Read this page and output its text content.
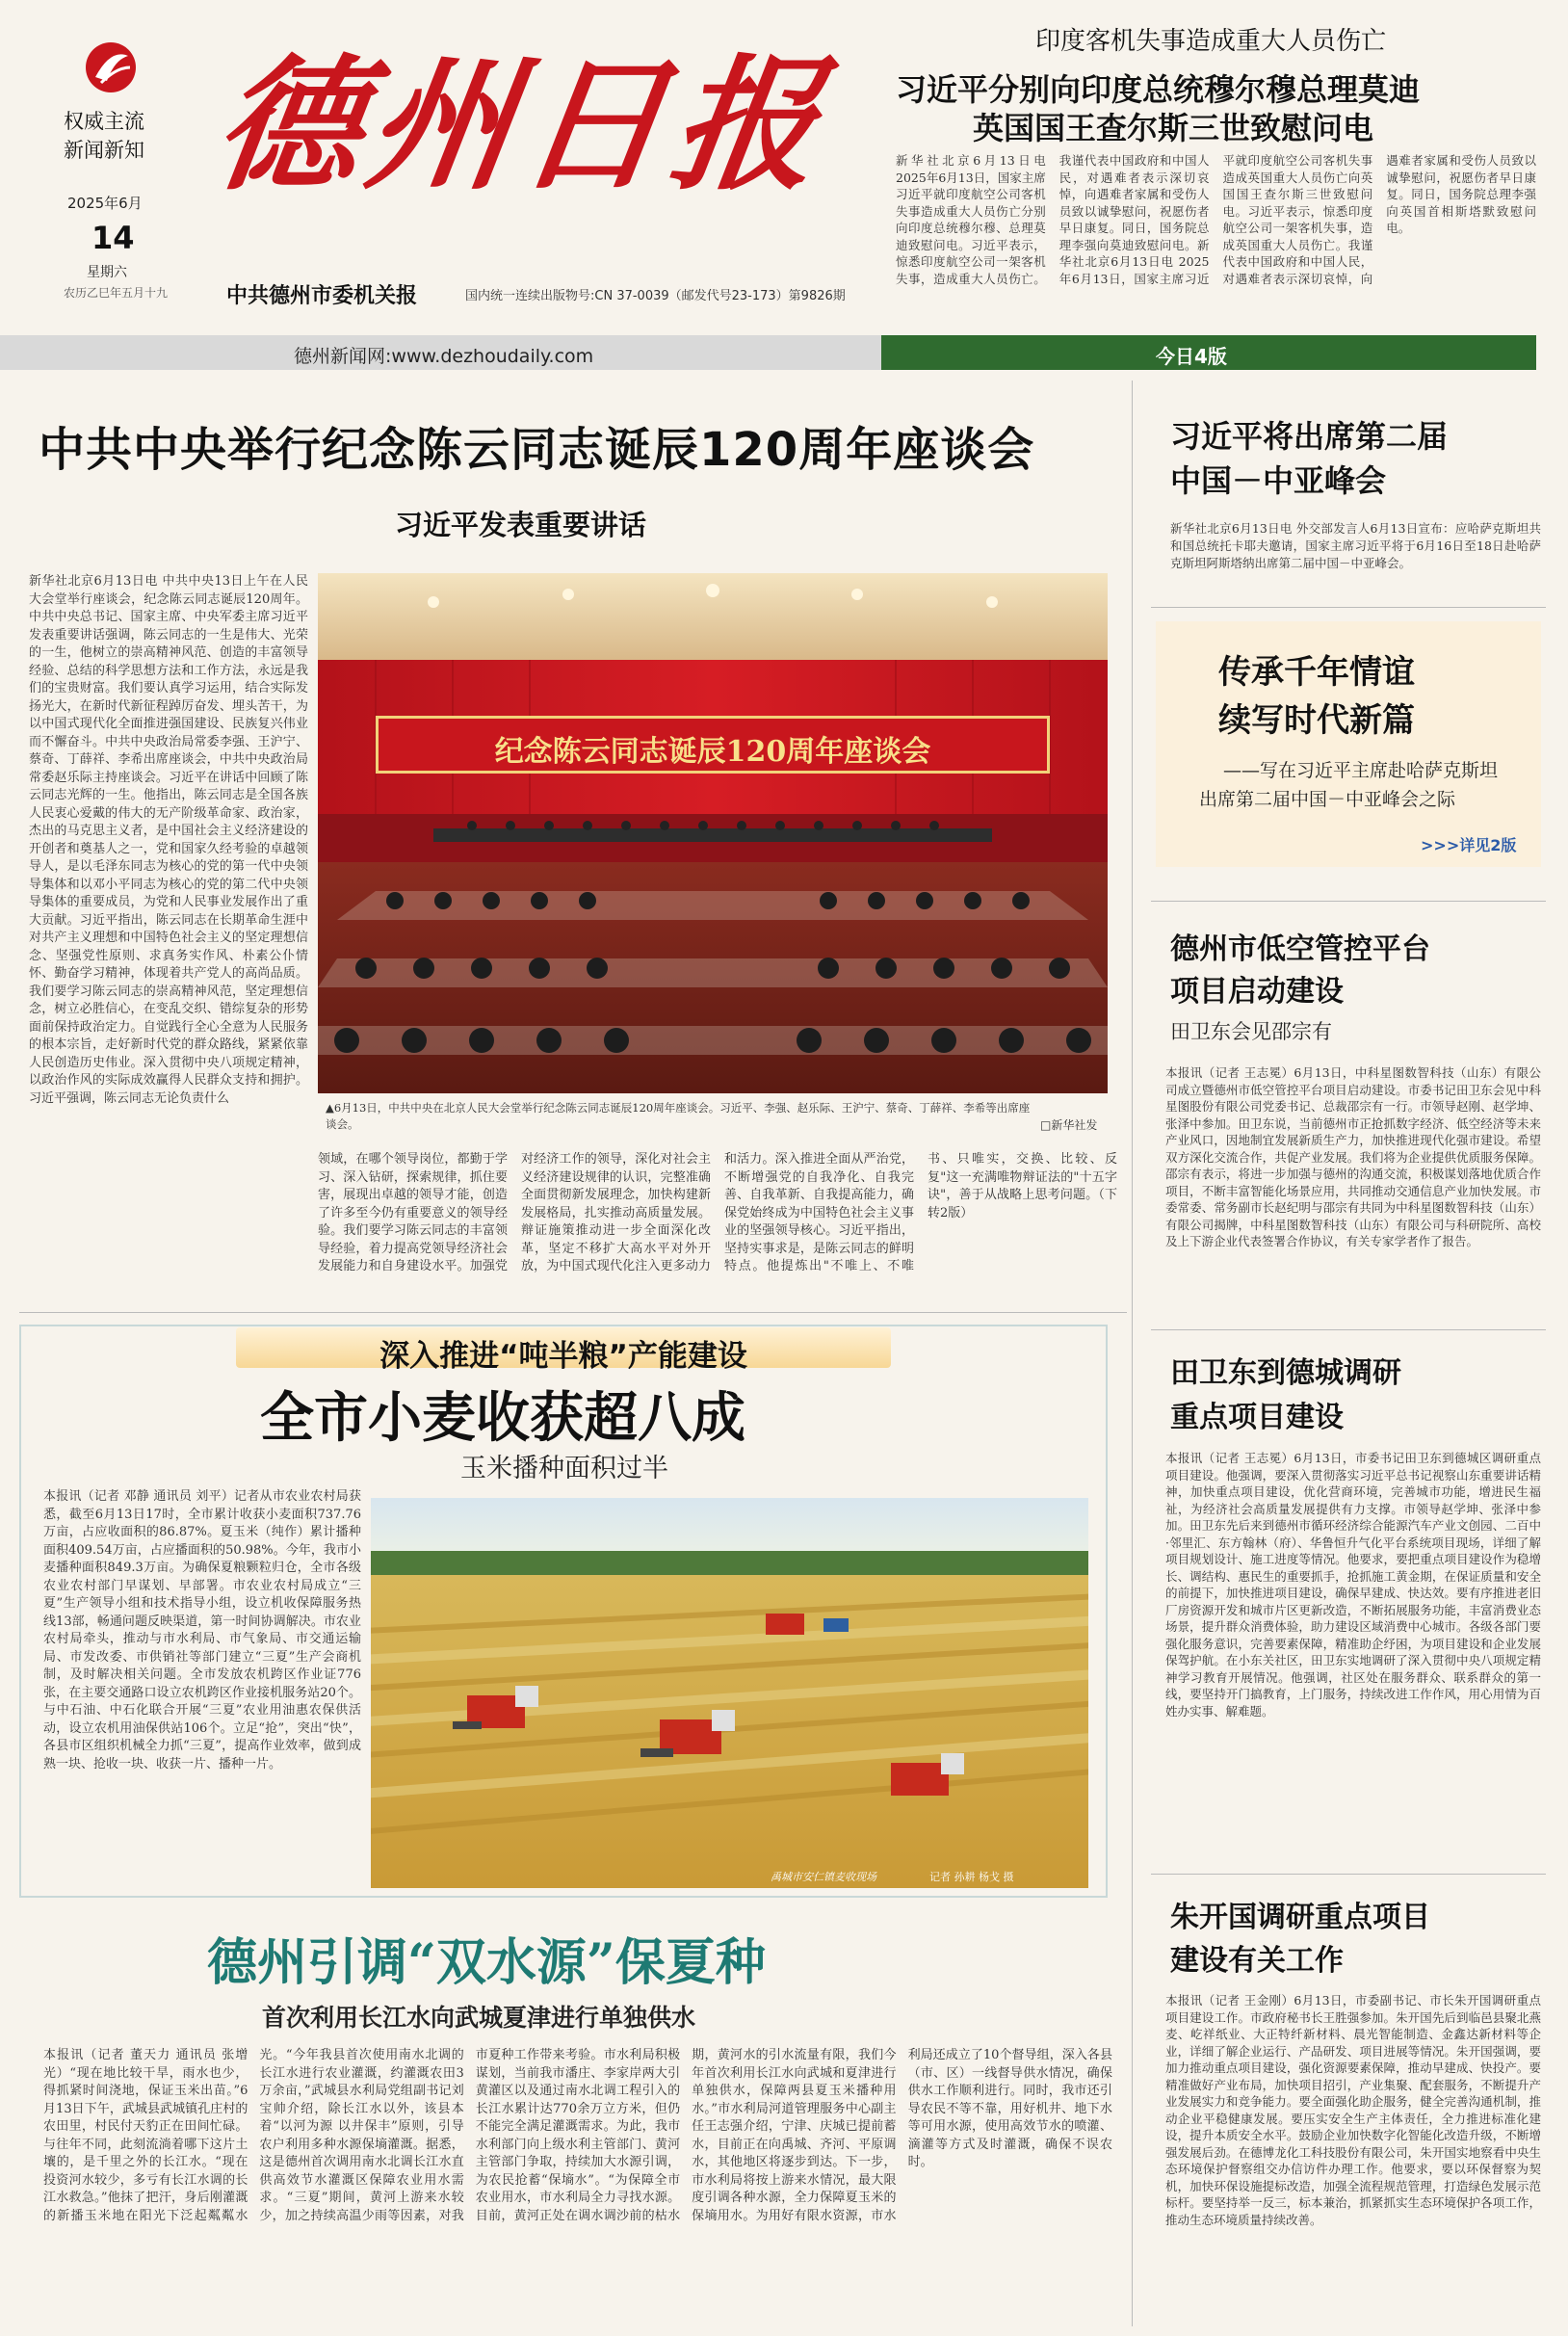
权威主流
新闻新知
2025年6月
14
星期六
农历乙巳年五月十九
德州日报
中共德州市委机关报	国内统一连续出版物号:CN 37-0039（邮发代号23-173）第9826期
印度客机失事造成重大人员伤亡
习近平分别向印度总统穆尔穆总理莫迪
英国国王查尔斯三世致慰问电
新华社北京6月13日电 2025年6月13日，国家主席习近平就印度航空公司客机失事造成重大人员伤亡分别向印度总统穆尔穆、总理莫迪致慰问电。习近平表示，惊悉印度航空公司一架客机失事，造成重大人员伤亡。我谨代表中国政府和中国人民，对遇难者表示深切哀悼，向遇难者家属和受伤人员致以诚挚慰问，祝愿伤者早日康复。同日，国务院总理李强向莫迪致慰问电。新华社北京6月13日电 2025年6月13日，国家主席习近平就印度航空公司客机失事造成英国重大人员伤亡向英国国王查尔斯三世致慰问电。习近平表示，惊悉印度航空公司一架客机失事，造成英国重大人员伤亡。我谨代表中国政府和中国人民，对遇难者表示深切哀悼，向遇难者家属和受伤人员致以诚挚慰问，祝愿伤者早日康复。同日，国务院总理李强向英国首相斯塔默致慰问电。
德州新闻网:www.dezhoudaily.com	今日4版
中共中央举行纪念陈云同志诞辰120周年座谈会
习近平发表重要讲话
新华社北京6月13日电 中共中央13日上午在人民大会堂举行座谈会，纪念陈云同志诞辰120周年。中共中央总书记、国家主席、中央军委主席习近平发表重要讲话强调，陈云同志的一生是伟大、光荣的一生，他树立的崇高精神风范、创造的丰富领导经验、总结的科学思想方法和工作方法，永远是我们的宝贵财富。我们要认真学习运用，结合实际发扬光大，在新时代新征程踔厉奋发、埋头苦干，为以中国式现代化全面推进强国建设、民族复兴伟业而不懈奋斗。中共中央政治局常委李强、王沪宁、蔡奇、丁薛祥、李希出席座谈会，中共中央政治局常委赵乐际主持座谈会。习近平在讲话中回顾了陈云同志光辉的一生。他指出，陈云同志是全国各族人民衷心爱戴的伟大的无产阶级革命家、政治家，杰出的马克思主义者，是中国社会主义经济建设的开创者和奠基人之一，党和国家久经考验的卓越领导人，是以毛泽东同志为核心的党的第一代中央领导集体和以邓小平同志为核心的党的第二代中央领导集体的重要成员，为党和人民事业发展作出了重大贡献。习近平指出，陈云同志在长期革命生涯中对共产主义理想和中国特色社会主义的坚定理想信念、坚强党性原则、求真务实作风、朴素公仆情怀、勤奋学习精神，体现着共产党人的高尚品质。我们要学习陈云同志的崇高精神风范，坚定理想信念，树立必胜信心，在变乱交织、错综复杂的形势面前保持政治定力。自觉践行全心全意为人民服务的根本宗旨，走好新时代党的群众路线，紧紧依靠人民创造历史伟业。深入贯彻中央八项规定精神，以政治作风的实际成效赢得人民群众支持和拥护。习近平强调，陈云同志无论负责什么
纪念陈云同志诞辰120周年座谈会
▲6月13日，中共中央在北京人民大会堂举行纪念陈云同志诞辰120周年座谈会。习近平、李强、赵乐际、王沪宁、蔡奇、丁薛祥、李希等出席座谈会。	□新华社发
领域，在哪个领导岗位，都勤于学习、深入钻研，探索规律，抓住要害，展现出卓越的领导才能，创造了许多至今仍有重要意义的领导经验。我们要学习陈云同志的丰富领导经验，着力提高党领导经济社会发展能力和自身建设水平。加强党对经济工作的领导，深化对社会主义经济建设规律的认识，完整准确全面贯彻新发展理念，加快构建新发展格局，扎实推动高质量发展。辩证施策推动进一步全面深化改革，坚定不移扩大高水平对外开放，为中国式现代化注入更多动力和活力。深入推进全面从严治党，不断增强党的自我净化、自我完善、自我革新、自我提高能力，确保党始终成为中国特色社会主义事业的坚强领导核心。习近平指出，坚持实事求是，是陈云同志的鲜明特点。他提炼出"不唯上、不唯书、只唯实，交换、比较、反复"这一充满唯物辩证法的"十五字诀"，善于从战略上思考问题。（下转2版）
深入推进“吨半粮”产能建设
全市小麦收获超八成
玉米播种面积过半
本报讯（记者 邓静 通讯员 刘平）记者从市农业农村局获悉，截至6月13日17时，全市累计收获小麦面积737.76万亩，占应收面积的86.87%。夏玉米（纯作）累计播种面积409.54万亩，占应播面积的50.98%。今年，我市小麦播种面积849.3万亩。为确保夏粮颗粒归仓，全市各级农业农村部门早谋划、早部署。市农业农村局成立“三夏”生产领导小组和技术指导小组，设立机收保障服务热线13部，畅通问题反映渠道，第一时间协调解决。市农业农村局牵头，推动与市水利局、市气象局、市交通运输局、市发改委、市供销社等部门建立“三夏”生产会商机制，及时解决相关问题。全市发放农机跨区作业证776张，在主要交通路口设立农机跨区作业接机服务站20个。与中石油、中石化联合开展“三夏”农业用油惠农保供活动，设立农机用油保供站106个。立足“抢”，突出“快”，各县市区组织机械全力抓“三夏”，提高作业效率，做到成熟一块、抢收一块、收获一片、播种一片。
禹城市安仁镇麦收现场	记者 孙耕 杨戈 摄
德州引调“双水源”保夏种
首次利用长江水向武城夏津进行单独供水
本报讯（记者 董天力 通讯员 张增光）“现在地比较干旱，雨水也少，得抓紧时间浇地，保证玉米出苗。”6月13日下午，武城县武城镇孔庄村的农田里，村民付天豹正在田间忙碌。与往年不同，此刻流淌着哪下这片土壤的，是千里之外的长江水。“现在投资河水较少，多亏有长江水调的长江水救急。”他抹了把汗，身后刚灌溉的新播玉米地在阳光下泛起粼粼水光。“今年我县首次使用南水北调的长江水进行农业灌溉，约灌溉农田3万余亩，”武城县水利局党组副书记刘宝帅介绍，除长江水以外，该县本着“以河为源 以井保丰”原则，引导农户利用多种水源保墒灌溉。据悉，这是德州首次调用南水北调长江水直供高效节水灌溉区保障农业用水需求。“三夏”期间，黄河上游来水较少，加之持续高温少雨等因素，对我市夏种工作带来考验。市水利局积极谋划，当前我市潘庄、李家岸两大引黄灌区以及通过南水北调工程引入的长江水累计达770余万立方米，但仍不能完全满足灌溉需求。为此，我市水利部门向上级水利主管部门、黄河主管部门争取，持续加大水源引调，为农民抢蓄“保墒水”。“为保障全市农业用水，市水利局全力寻找水源。目前，黄河正处在调水调沙前的枯水期，黄河水的引水流量有限，我们今年首次利用长江水向武城和夏津进行单独供水，保障两县夏玉米播种用水。”市水利局河道管理服务中心副主任王志强介绍，宁津、庆城已提前蓄水，目前正在向禹城、齐河、平原调水，其他地区将逐步到达。下一步，市水利局将按上游来水情况，最大限度引调各种水源，全力保障夏玉米的保墒用水。为用好有限水资源，市水利局还成立了10个督导组，深入各县（市、区）一线督导供水情况，确保供水工作顺利进行。同时，我市还引导农民不等不靠，用好机井、地下水等可用水源，使用高效节水的喷灌、滴灌等方式及时灌溉，确保不误农时。
习近平将出席第二届
中国－中亚峰会
新华社北京6月13日电 外交部发言人6月13日宣布：应哈萨克斯坦共和国总统托卡耶夫邀请，国家主席习近平将于6月16日至18日赴哈萨克斯坦阿斯塔纳出席第二届中国－中亚峰会。
传承千年情谊
续写时代新篇
——写在习近平主席赴哈萨克斯坦
出席第二届中国－中亚峰会之际
>>>详见2版
德州市低空管控平台
项目启动建设
田卫东会见邵宗有
本报讯（记者 王志冕）6月13日，中科星图数智科技（山东）有限公司成立暨德州市低空管控平台项目启动建设。市委书记田卫东会见中科星图股份有限公司党委书记、总裁邵宗有一行。市领导赵刚、赵学坤、张泽中参加。田卫东说，当前德州市正抢抓数字经济、低空经济等未来产业风口，因地制宜发展新质生产力，加快推进现代化强市建设。希望双方深化交流合作，共促产业发展。我们将为企业提供优质服务保障。邵宗有表示，将进一步加强与德州的沟通交流，积极谋划落地优质合作项目，不断丰富智能化场景应用，共同推动交通信息产业加快发展。市委常委、常务副市长赵纪明与邵宗有共同为中科星图数智科技（山东）有限公司揭牌，中科星图数智科技（山东）有限公司与科研院所、高校及上下游企业代表签署合作协议，有关专家学者作了报告。
田卫东到德城调研
重点项目建设
本报讯（记者 王志冕）6月13日，市委书记田卫东到德城区调研重点项目建设。他强调，要深入贯彻落实习近平总书记视察山东重要讲话精神，加快重点项目建设，优化营商环境，完善城市功能，增进民生福祉，为经济社会高质量发展提供有力支撑。市领导赵学坤、张泽中参加。田卫东先后来到德州市循环经济综合能源汽车产业文创园、二百中·邻里汇、东方翰林（府）、华鲁恒升气化平台系统项目现场，详细了解项目规划设计、施工进度等情况。他要求，要把重点项目建设作为稳增长、调结构、惠民生的重要抓手，抢抓施工黄金期，在保证质量和安全的前提下，加快推进项目建设，确保早建成、快达效。要有序推进老旧厂房资源开发和城市片区更新改造，不断拓展服务功能，丰富消费业态场景，提升群众消费体验，助力建设区域消费中心城市。各级各部门要强化服务意识，完善要素保障，精准助企纾困，为项目建设和企业发展保驾护航。在小东关社区，田卫东实地调研了深入贯彻中央八项规定精神学习教育开展情况。他强调，社区处在服务群众、联系群众的第一线，要坚持开门搞教育，上门服务，持续改进工作作风，用心用情为百姓办实事、解难题。
朱开国调研重点项目
建设有关工作
本报讯（记者 王金刚）6月13日，市委副书记、市长朱开国调研重点项目建设工作。市政府秘书长王胜强参加。朱开国先后到临邑县聚北燕麦、屹祥纸业、大正特纤新材料、晨光智能制造、金鑫达新材料等企业，详细了解企业运行、产品研发、项目进展等情况。朱开国强调，要加力推动重点项目建设，强化资源要素保障，推动早建成、快投产。要精准做好产业布局，加快项目招引，产业集聚、配套服务，不断提升产业发展实力和竞争能力。要全面强化助企服务，健全完善沟通机制，推动企业平稳健康发展。要压实安全生产主体责任，全力推进标准化建设，提升本质安全水平。鼓励企业加快数字化智能化改造升级，不断增强发展后劲。在德博龙化工科技股份有限公司，朱开国实地察看中央生态环境保护督察组交办信访件办理工作。他要求，要以环保督察为契机，加快环保设施提标改造，加强全流程规范管理，打造绿色发展示范标杆。要坚持举一反三，标本兼治，抓紧抓实生态环境保护各项工作，推动生态环境质量持续改善。
